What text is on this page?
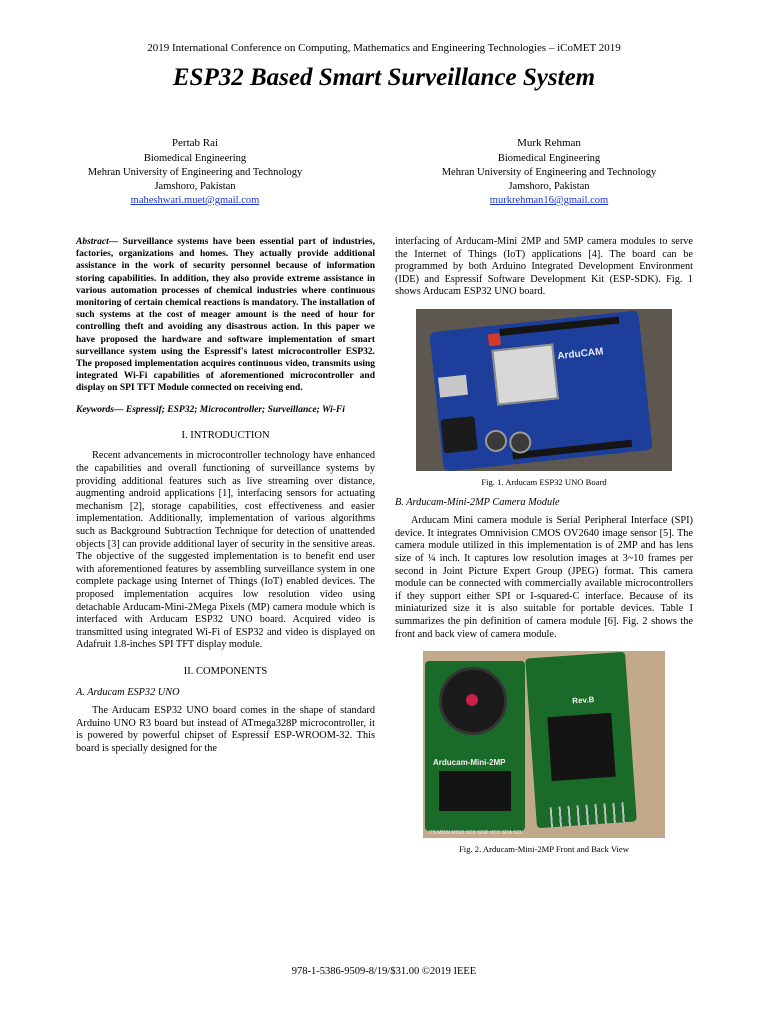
2019 International Conference on Computing, Mathematics and Engineering Technologies – iCoMET 2019
ESP32 Based Smart Surveillance System
Pertab Rai
Biomedical Engineering
Mehran University of Engineering and Technology
Jamshoro, Pakistan
maheshwari.muet@gmail.com
Murk Rehman
Biomedical Engineering
Mehran University of Engineering and Technology
Jamshoro, Pakistan
murkrehman16@gmail.com
Abstract— Surveillance systems have been essential part of industries, factories, organizations and homes. They actually provide additional assistance in the work of security personnel because of information storing capabilities. In addition, they also provide extreme assistance in various automation processes of chemical industries where continuous monitoring of certain chemical reactions is mandatory. The installation of such systems at the cost of meager amount is the need of hour for controlling theft and avoiding any disastrous action. In this paper we have proposed the hardware and software implementation of smart surveillance system using the Espressif's latest microcontroller ESP32. The proposed implementation acquires continuous video, transmits using integrated Wi-Fi capabilities of aforementioned microcontroller and display on SPI TFT Module connected on receiving end.
Keywords— Espressif; ESP32; Microcontroller; Surveillance; Wi-Fi
I. INTRODUCTION

Recent advancements in microcontroller technology have enhanced the capabilities and overall functioning of surveillance systems by providing additional features such as live streaming over distance, augmenting android applications [1], interfacing sensors for actuating mechanism [2], storage capabilities, cost effectiveness and easier implementation. Additionally, implementation of various algorithms such as Background Subtraction Technique for detection of unattended objects [3] can provide additional layer of security in the sensitive areas. The objective of the suggested implementation is to benefit end user with aforementioned features by assembling surveillance system in one complete package using Internet of Things (IoT) enabled devices. The proposed implementation acquires low resolution video using detachable Arducam-Mini-2Mega Pixels (MP) camera module which is interfaced with Arducam ESP32 UNO board. Acquired video is transmitted using integrated Wi-Fi of ESP32 and video is displayed on Adafruit 1.8-inches SPI TFT display module.

II. COMPONENTS
A. Arducam ESP32 UNO

The Arducam ESP32 UNO board comes in the shape of standard Arduino UNO R3 board but instead of ATmega328P microcontroller, it is powered by powerful chipset of Espressif ESP-WROOM-32. This board is specially designed for the

interfacing of Arducam-Mini 2MP and 5MP camera modules to serve the Internet of Things (IoT) applications [4]. The board can be programmed by both Arduino Integrated Development Environment (IDE) and Espressif Software Development Kit (ESP-SDK). Fig. 1 shows Arducam ESP32 UNO board.
ArduCAM
Fig. 1. Arducam ESP32 UNO Board
B. Arducam-Mini-2MP Camera Module

Arducam Mini camera module is Serial Peripheral Interface (SPI) device. It integrates Omnivision CMOS OV2640 image sensor [5]. The camera module utilized in this implementation is of 2MP and has lens size of ¼ inch. It captures low resolution images at 3~10 frames per second in Joint Picture Expert Group (JPEG) format. This camera module can be connected with commercially available microcontrollers if they support either SPI or I-squared-C interface. Because of its miniaturized size it is also suitable for portable devices. Table I summarizes the pin definition of camera module [6]. Fig. 2 shows the front and back view of camera module.

Arducam-Mini-2MP
CS MOSI MISO SCK GND VCC SDA SCL
Rev.B
Fig. 2. Arducam-Mini-2MP Front and Back View
978-1-5386-9509-8/19/$31.00 ©2019 IEEE
